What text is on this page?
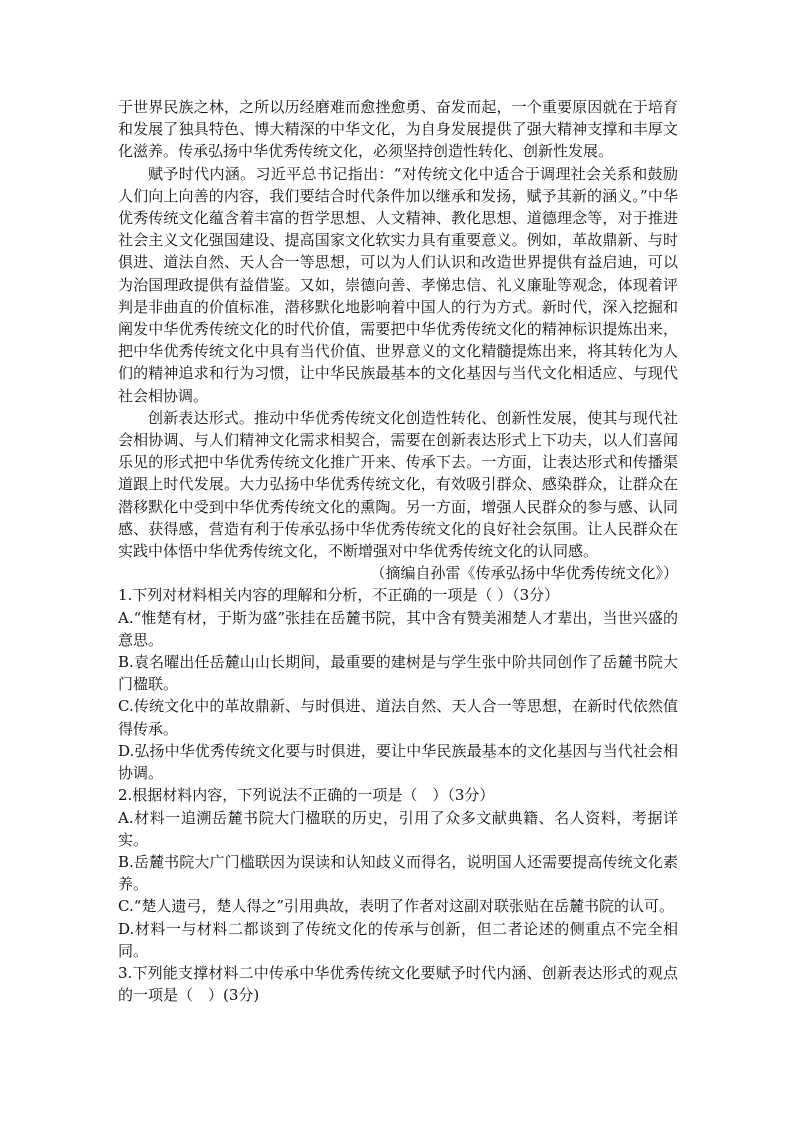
于世界民族之林，之所以历经磨难而愈挫愈勇、奋发而起，一个重要原因就在于培育和发展了独具特色、博大精深的中华文化，为自身发展提供了强大精神支撑和丰厚文化滋养。传承弘扬中华优秀传统文化，必须坚持创造性转化、创新性发展。

赋予时代内涵。习近平总书记指出：“对传统文化中适合于调理社会关系和鼓励人们向上向善的内容，我们要结合时代条件加以继承和发扬，赋予其新的涵义。”中华优秀传统文化蕴含着丰富的哲学思想、人文精神、教化思想、道德理念等，对于推进社会主义文化强国建设、提高国家文化软实力具有重要意义。例如，革故鼎新、与时俱进、道法自然、天人合一等思想，可以为人们认识和改造世界提供有益启迪，可以为治国理政提供有益借鉴。又如，崇德向善、孝悌忠信、礼义廉耻等观念，体现着评判是非曲直的价值标准，潜移默化地影响着中国人的行为方式。新时代，深入挖掘和阐发中华优秀传统文化的时代价值，需要把中华优秀传统文化的精神标识提炼出来，把中华优秀传统文化中具有当代价值、世界意义的文化精髓提炼出来，将其转化为人们的精神追求和行为习惯，让中华民族最基本的文化基因与当代文化相适应、与现代社会相协调。

创新表达形式。推动中华优秀传统文化创造性转化、创新性发展，使其与现代社会相协调、与人们精神文化需求相契合，需要在创新表达形式上下功夫，以人们喜闻乐见的形式把中华优秀传统文化推广开来、传承下去。一方面，让表达形式和传播渠道跟上时代发展。大力弘扬中华优秀传统文化，有效吸引群众、感染群众，让群众在潜移默化中受到中华优秀传统文化的熏陶。另一方面，增强人民群众的参与感、认同感、获得感，营造有利于传承弘扬中华优秀传统文化的良好社会氛围。让人民群众在实践中体悟中华优秀传统文化，不断增强对中华优秀传统文化的认同感。

（摘编自孙雷《传承弘扬中华优秀传统文化》）

1.下列对材料相关内容的理解和分析，不正确的一项是（ ）（3分）

A.“惟楚有材，于斯为盛”张挂在岳麓书院，其中含有赞美湘楚人才辈出，当世兴盛的意思。

B.袁名曜出任岳麓山山长期间，最重要的建树是与学生张中阶共同创作了岳麓书院大门楹联。

C.传统文化中的革故鼎新、与时俱进、道法自然、天人合一等思想，在新时代依然值得传承。

D.弘扬中华优秀传统文化要与时俱进，要让中华民族最基本的文化基因与当代社会相协调。

2.根据材料内容，下列说法不正确的一项是（　）（3分）

A.材料一追溯岳麓书院大门楹联的历史，引用了众多文献典籍、名人资料，考据详实。

B.岳麓书院大广门槛联因为误读和认知歧义而得名，说明国人还需要提高传统文化素养。

C.“楚人遗弓，楚人得之”引用典故，表明了作者对这副对联张贴在岳麓书院的认可。

D.材料一与材料二都谈到了传统文化的传承与创新，但二者论述的侧重点不完全相同。

3.下列能支撑材料二中传承中华优秀传统文化要赋予时代内涵、创新表达形式的观点的一项是（　）(3分)
